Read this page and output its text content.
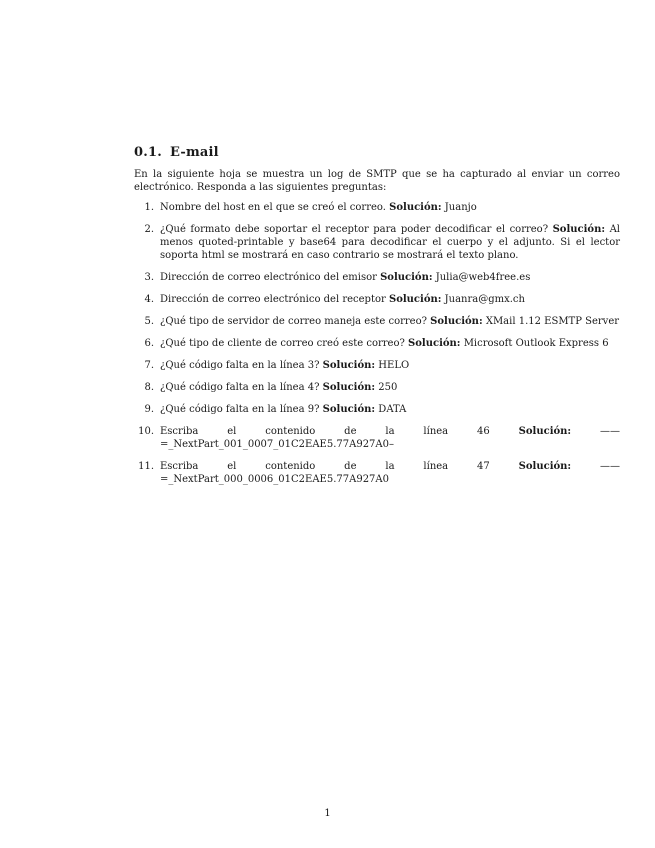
0.1. E-mail

En la siguiente hoja se muestra un log de SMTP que se ha capturado al enviar un correo electrónico. Responda a las siguientes preguntas:

1. Nombre del host en el que se creó el correo. Solución: Juanjo
2. ¿Qué formato debe soportar el receptor para poder decodificar el correo? Solución: Al menos quoted-printable y base64 para decodificar el cuerpo y el adjunto. Si el lector soporta html se mostrará en caso contrario se mostrará el texto plano.
3. Dirección de correo electrónico del emisor Solución: Julia@web4free.es
4. Dirección de correo electrónico del receptor Solución: Juanra@gmx.ch
5. ¿Qué tipo de servidor de correo maneja este correo? Solución: XMail 1.12 ESMTP Server
6. ¿Qué tipo de cliente de correo creó este correo? Solución: Microsoft Outlook Express 6
7. ¿Qué código falta en la línea 3? Solución: HELO
8. ¿Qué código falta en la línea 4? Solución: 250
9. ¿Qué código falta en la línea 9? Solución: DATA
10. Escriba el contenido de la línea 46	Solución:	——=_NextPart_001_0007_01C2EAE5.77A927A0–
11. Escriba el contenido de la línea 47	Solución:	——=_NextPart_000_0006_01C2EAE5.77A927A0
1
